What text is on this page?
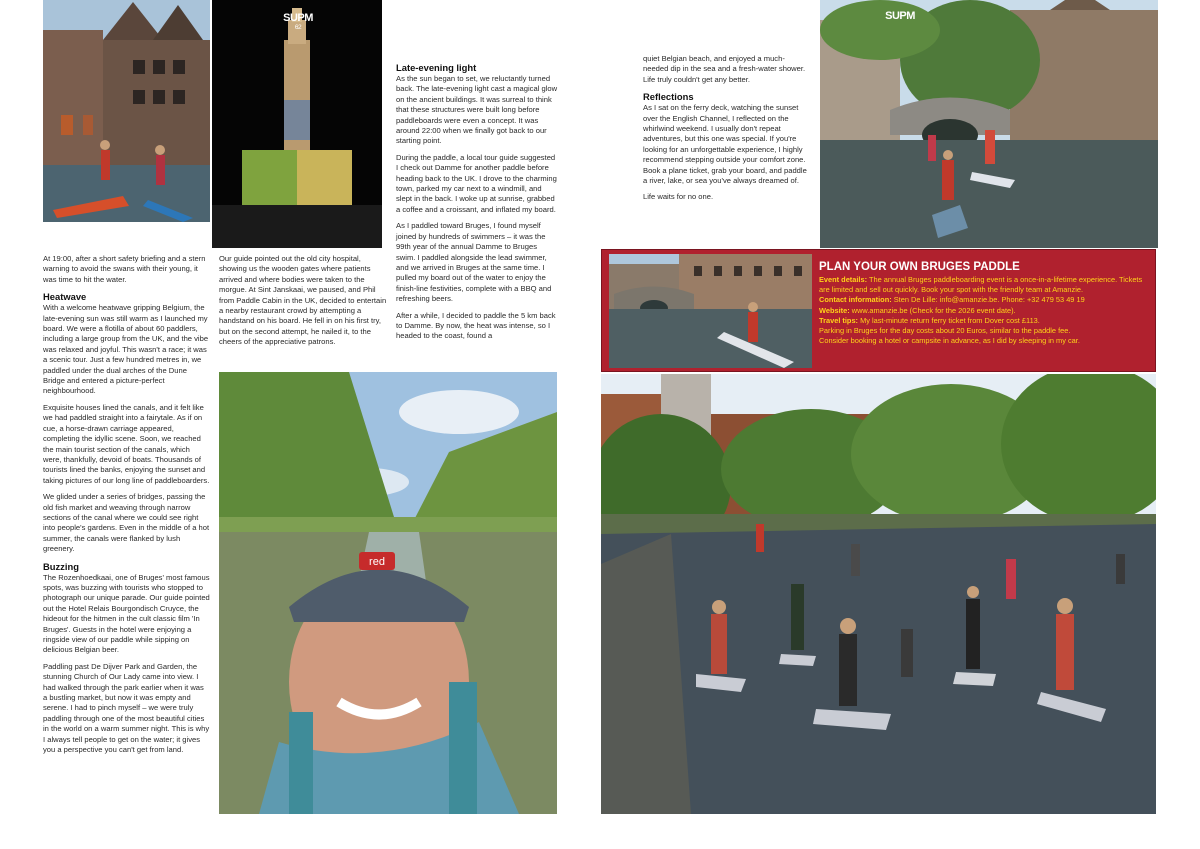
SUPM
62

At 19:00, after a short safety briefing and a stern warning to avoid the swans with their young, it was time to hit the water.

Heatwave

With a welcome heatwave gripping Belgium, the late-evening sun was still warm as I launched my board. We were a flotilla of about 60 paddlers, including a large group from the UK, and the vibe was relaxed and joyful. This wasn't a race; it was a scenic tour. Just a few hundred metres in, we paddled under the dual arches of the Dune Bridge and entered a picture-perfect neighbourhood.

Exquisite houses lined the canals, and it felt like we had paddled straight into a fairytale. As if on cue, a horse-drawn carriage appeared, completing the idyllic scene. Soon, we reached the main tourist section of the canals, which were, thankfully, devoid of boats. Thousands of tourists lined the banks, enjoying the sunset and taking pictures of our long line of paddleboarders.

We glided under a series of bridges, passing the old fish market and weaving through narrow sections of the canal where we could see right into people's gardens. Even in the middle of a hot summer, the canals were flanked by lush greenery.

Buzzing

The Rozenhoedkaai, one of Bruges' most famous spots, was buzzing with tourists who stopped to photograph our unique parade. Our guide pointed out the Hotel Relais Bourgondisch Cruyce, the hideout for the hitmen in the cult classic film 'In Bruges'. Guests in the hotel were enjoying a ringside view of our paddle while sipping on delicious Belgian beer.

Paddling past De Dijver Park and Garden, the stunning Church of Our Lady came into view. I had walked through the park earlier when it was a bustling market, but now it was empty and serene. I had to pinch myself – we were truly paddling through one of the most beautiful cities in the world on a warm summer night. This is why I always tell people to get on the water; it gives you a perspective you can't get from land.

Our guide pointed out the old city hospital, showing us the wooden gates where patients arrived and where bodies were taken to the morgue. At Sint Janskaai, we paused, and Phil from Paddle Cabin in the UK, decided to entertain a nearby restaurant crowd by attempting a handstand on his board. He fell in on his first try, but on the second attempt, he nailed it, to the cheers of the appreciative patrons.

Late-evening light

As the sun began to set, we reluctantly turned back. The late-evening light cast a magical glow on the ancient buildings. It was surreal to think that these structures were built long before paddleboards were even a concept. It was around 22:00 when we finally got back to our starting point.

During the paddle, a local tour guide suggested I check out Damme for another paddle before heading back to the UK. I drove to the charming town, parked my car next to a windmill, and slept in the back. I woke up at sunrise, grabbed a coffee and a croissant, and inflated my board.

As I paddled toward Bruges, I found myself joined by hundreds of swimmers – it was the 99th year of the annual Damme to Bruges swim. I paddled alongside the lead swimmer, and we arrived in Bruges at the same time. I pulled my board out of the water to enjoy the finish-line festivities, complete with a BBQ and refreshing beers.

After a while, I decided to paddle the 5 km back to Damme. By now, the heat was intense, so I headed to the coast, found a

quiet Belgian beach, and enjoyed a much-needed dip in the sea and a fresh-water shower. Life truly couldn't get any better.

Reflections

As I sat on the ferry deck, watching the sunset over the English Channel, I reflected on the whirlwind weekend. I usually don't repeat adventures, but this one was special. If you're looking for an unforgettable experience, I highly recommend stepping outside your comfort zone. Book a plane ticket, grab your board, and paddle a river, lake, or sea you've always dreamed of.

Life waits for no one.

red
SUPM
PLAN YOUR OWN BRUGES PADDLE

Event details: The annual Bruges paddleboarding event is a once-in-a-lifetime experience. Tickets are limited and sell out quickly. Book your spot with the friendly team at Amanzie.

Contact information: Sten De Lille: info@amanzie.be. Phone: +32 479 53 49 19

Website: www.amanzie.be (Check for the 2026 event date).

Travel tips: My last-minute return ferry ticket from Dover cost £113.

Parking in Bruges for the day costs about 20 Euros, similar to the paddle fee.

Consider booking a hotel or campsite in advance, as I did by sleeping in my car.
